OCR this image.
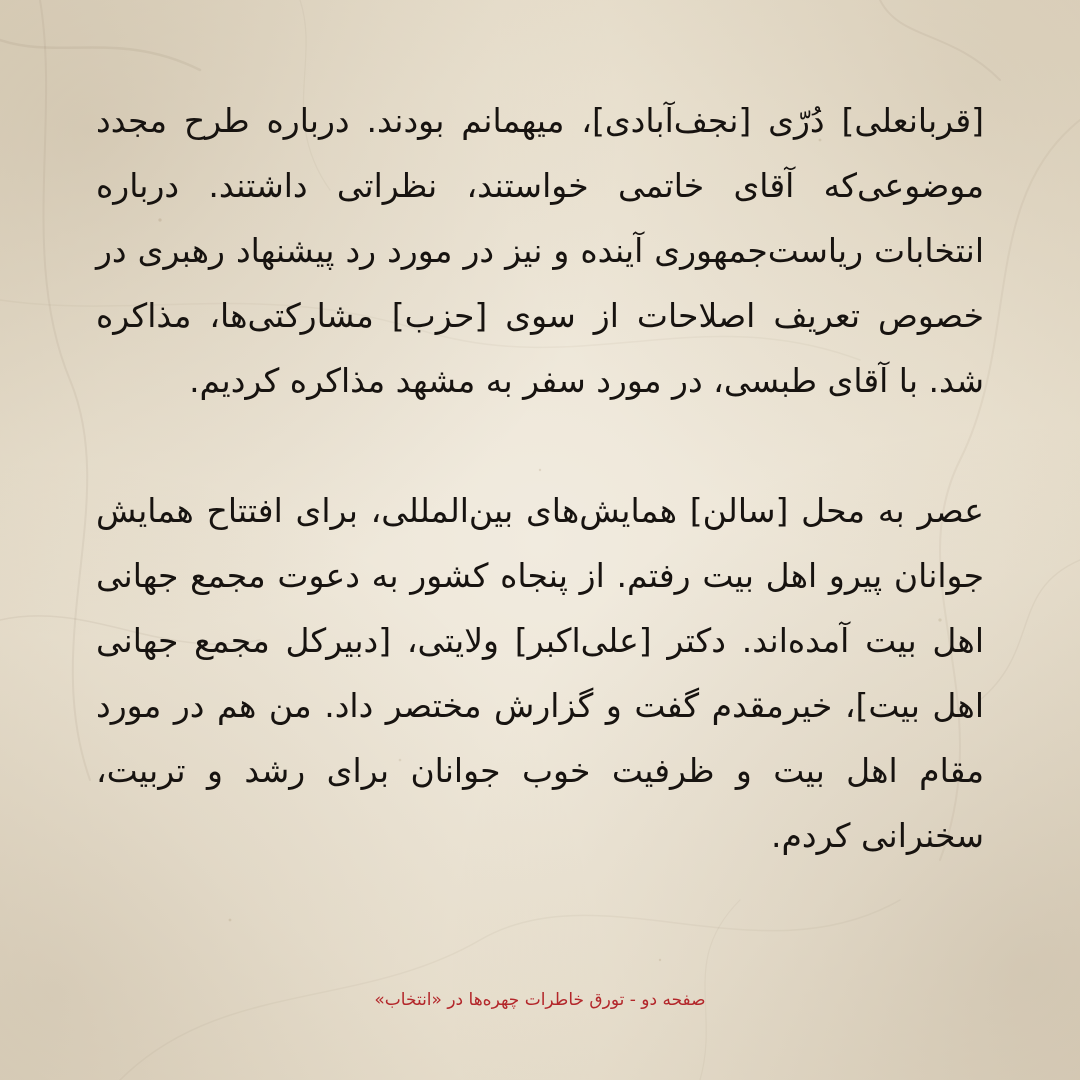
[قربانعلی] دُرّی [نجف‌آبادی]، میهمانم بودند. درباره طرح مجدد موضوعی‌که آقای خاتمی خواستند، نظراتی داشتند. درباره انتخابات ریاست‌جمهوری آینده و نیز در مورد رد پیشنهاد رهبری در خصوص تعریف اصلاحات از سوی [حزب] مشارکتی‌ها، مذاکره شد. با آقای طبسی، در مورد سفر به مشهد مذاکره کردیم.

عصر به محل [سالن] همایش‌های بین‌المللی، برای افتتاح همایش جوانان پیرو اهل بیت رفتم. از پنجاه کشور به دعوت مجمع جهانی اهل بیت آمده‌اند. دکتر [علی‌اکبر] ولایتی، [دبیرکل مجمع جهانی اهل بیت]، خیرمقدم گفت و گزارش مختصر داد. من هم در مورد مقام اهل بیت و ظرفیت خوب جوانان برای رشد و تربیت، سخنرانی کردم.

صفحه دو - تورق خاطرات چهره‌ها در «انتخاب»
